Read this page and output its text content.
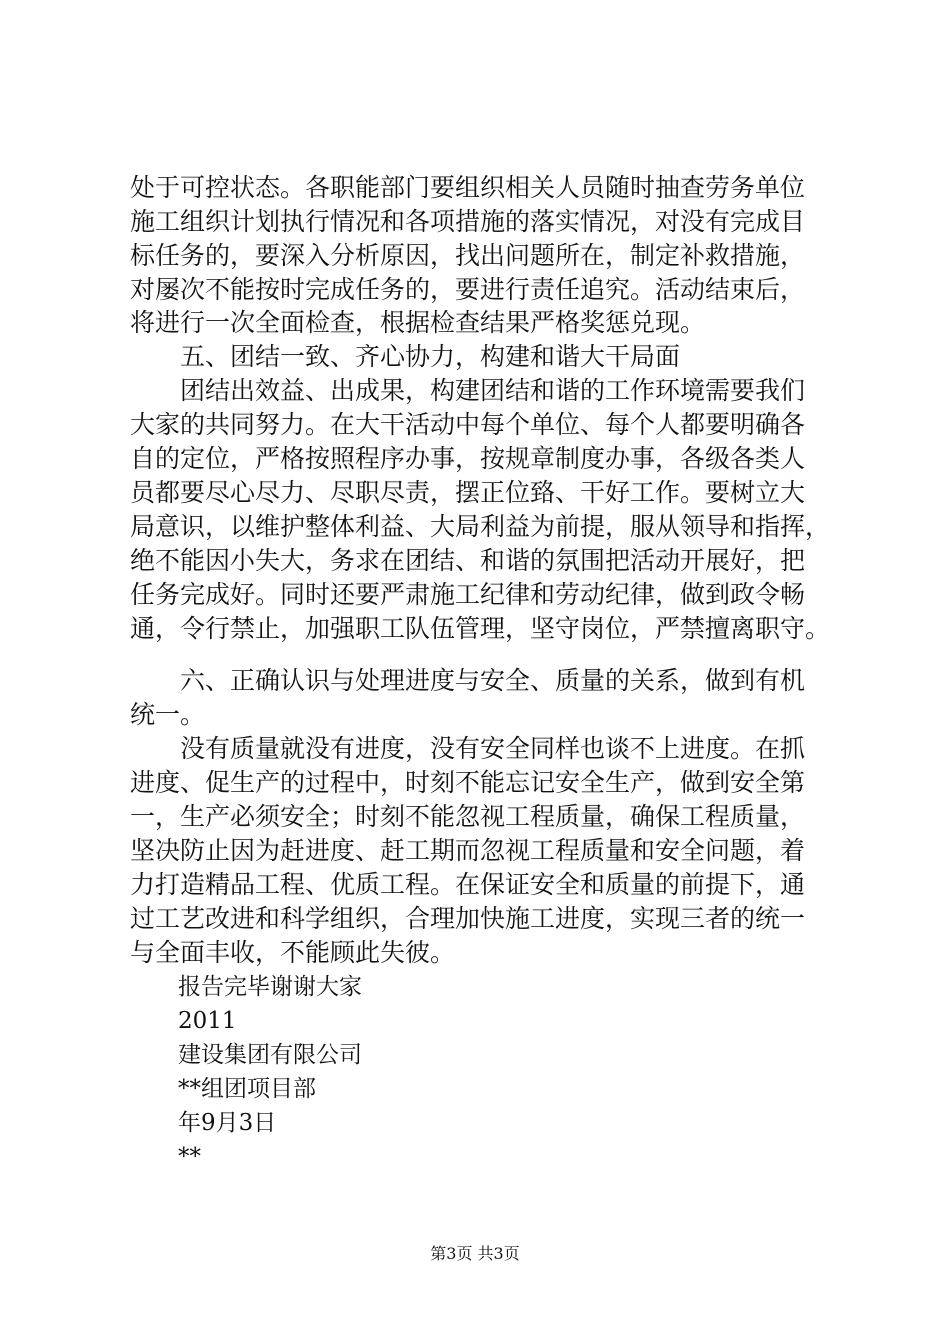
处于可控状态。各职能部门要组织相关人员随时抽查劳务单位
施工组织计划执行情况和各项措施的落实情况，对没有完成目
标任务的，要深入分析原因，找出问题所在，制定补救措施，
对屡次不能按时完成任务的，要进行责任追究。活动结束后，
将进行一次全面检查，根据检查结果严格奖惩兑现。
五、团结一致、齐心协力，构建和谐大干局面
团结出效益、出成果，构建团结和谐的工作环境需要我们
大家的共同努力。在大干活动中每个单位、每个人都要明确各
自的定位，严格按照程序办事，按规章制度办事，各级各类人
员都要尽心尽力、尽职尽责，摆正位臵、干好工作。要树立大
局意识，以维护整体利益、大局利益为前提，服从领导和指挥，
绝不能因小失大，务求在团结、和谐的氛围把活动开展好，把
任务完成好。同时还要严肃施工纪律和劳动纪律，做到政令畅
通，令行禁止，加强职工队伍管理，坚守岗位，严禁擅离职守。
六、正确认识与处理进度与安全、质量的关系，做到有机
统一。
没有质量就没有进度，没有安全同样也谈不上进度。在抓
进度、促生产的过程中，时刻不能忘记安全生产，做到安全第
一，生产必须安全；时刻不能忽视工程质量，确保工程质量，
坚决防止因为赶进度、赶工期而忽视工程质量和安全问题，着
力打造精品工程、优质工程。在保证安全和质量的前提下，通
过工艺改进和科学组织，合理加快施工进度，实现三者的统一
与全面丰收，不能顾此失彼。
报告完毕谢谢大家
2011
建设集团有限公司
**组团项目部
年9月3日
**
第3页 共3页
